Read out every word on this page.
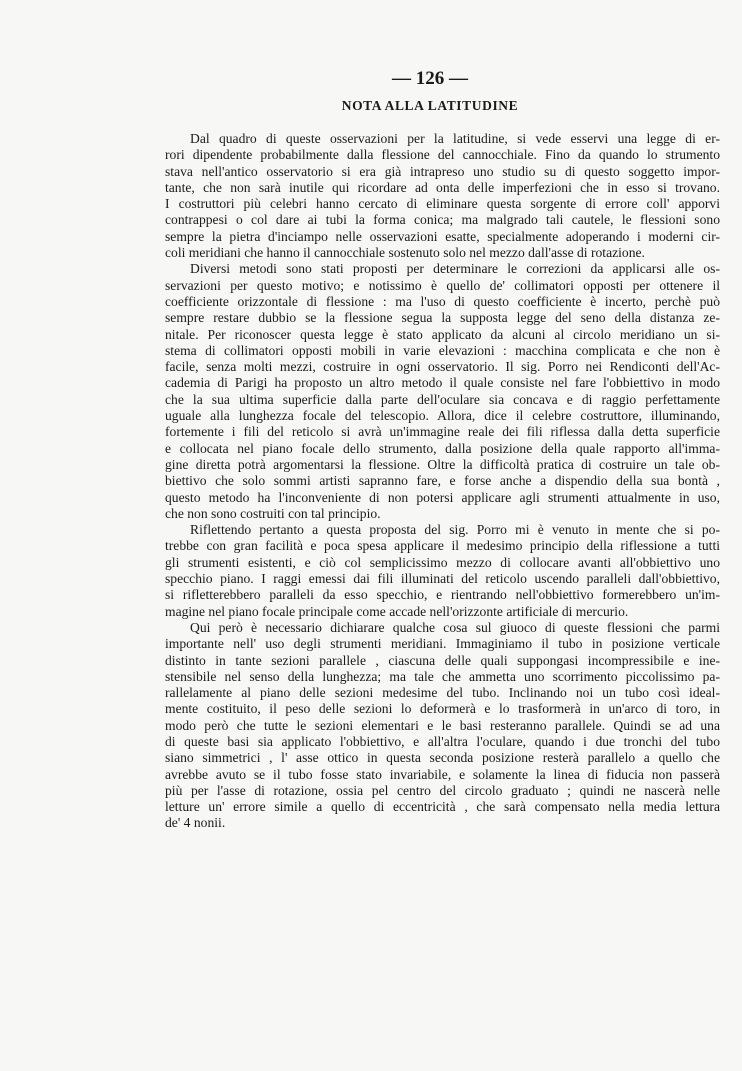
— 126 —
NOTA ALLA LATITUDINE
Dal quadro di queste osservazioni per la latitudine, si vede esservi una legge di er-
rori dipendente probabilmente dalla flessione del cannocchiale. Fino da quando lo strumento
stava nell'antico osservatorio si era già intrapreso uno studio su di questo soggetto impor-
tante, che non sarà inutile qui ricordare ad onta delle imperfezioni che in esso si trovano.
I costruttori più celebri hanno cercato di eliminare questa sorgente di errore coll' apporvi
contrappesi o col dare ai tubi la forma conica; ma malgrado tali cautele, le flessioni sono
sempre la pietra d'inciampo nelle osservazioni esatte, specialmente adoperando i moderni cir-
coli meridiani che hanno il cannocchiale sostenuto solo nel mezzo dall'asse di rotazione.
Diversi metodi sono stati proposti per determinare le correzioni da applicarsi alle os-
servazioni per questo motivo; e notissimo è quello de' collimatori opposti per ottenere il
coefficiente orizzontale di flessione : ma l'uso di questo coefficiente è incerto, perchè può
sempre restare dubbio se la flessione segua la supposta legge del seno della distanza ze-
nitale. Per riconoscer questa legge è stato applicato da alcuni al circolo meridiano un si-
stema di collimatori opposti mobili in varie elevazioni : macchina complicata e che non è
facile, senza molti mezzi, costruire in ogni osservatorio. Il sig. Porro nei Rendiconti dell'Ac-
cademia di Parigi ha proposto un altro metodo il quale consiste nel fare l'obbiettivo in modo
che la sua ultima superficie dalla parte dell'oculare sia concava e di raggio perfettamente
uguale alla lunghezza focale del telescopio. Allora, dice il celebre costruttore, illuminando,
fortemente i fili del reticolo si avrà un'immagine reale dei fili riflessa dalla detta superficie
e collocata nel piano focale dello strumento, dalla posizione della quale rapporto all'imma-
gine diretta potrà argomentarsi la flessione. Oltre la difficoltà pratica di costruire un tale ob-
biettivo che solo sommi artisti sapranno fare, e forse anche a dispendio della sua bontà ,
questo metodo ha l'inconveniente di non potersi applicare agli strumenti attualmente in uso,
che non sono costruiti con tal principio.
Riflettendo pertanto a questa proposta del sig. Porro mi è venuto in mente che si po-
trebbe con gran facilità e poca spesa applicare il medesimo principio della riflessione a tutti
gli strumenti esistenti, e ciò col semplicissimo mezzo di collocare avanti all'obbiettivo uno
specchio piano. I raggi emessi dai fili illuminati del reticolo uscendo paralleli dall'obbiettivo,
si rifletterebbero paralleli da esso specchio, e rientrando nell'obbiettivo formerebbero un'im-
magine nel piano focale principale come accade nell'orizzonte artificiale di mercurio.
Qui però è necessario dichiarare qualche cosa sul giuoco di queste flessioni che parmi
importante nell' uso degli strumenti meridiani. Immaginiamo il tubo in posizione verticale
distinto in tante sezioni parallele , ciascuna delle quali suppongasi incompressibile e ine-
stensibile nel senso della lunghezza; ma tale che ammetta uno scorrimento piccolissimo pa-
rallelamente al piano delle sezioni medesime del tubo. Inclinando noi un tubo così ideal-
mente costituito, il peso delle sezioni lo deformerà e lo trasformerà in un'arco di toro, in
modo però che tutte le sezioni elementari e le basi resteranno parallele. Quindi se ad una
di queste basi sia applicato l'obbiettivo, e all'altra l'oculare, quando i due tronchi del tubo
siano simmetrici , l' asse ottico in questa seconda posizione resterà parallelo a quello che
avrebbe avuto se il tubo fosse stato invariabile, e solamente la linea di fiducia non passerà
più per l'asse di rotazione, ossia pel centro del circolo graduato ; quindi ne nascerà nelle
letture un' errore simile a quello di eccentricità , che sarà compensato nella media lettura
de' 4 nonii.
